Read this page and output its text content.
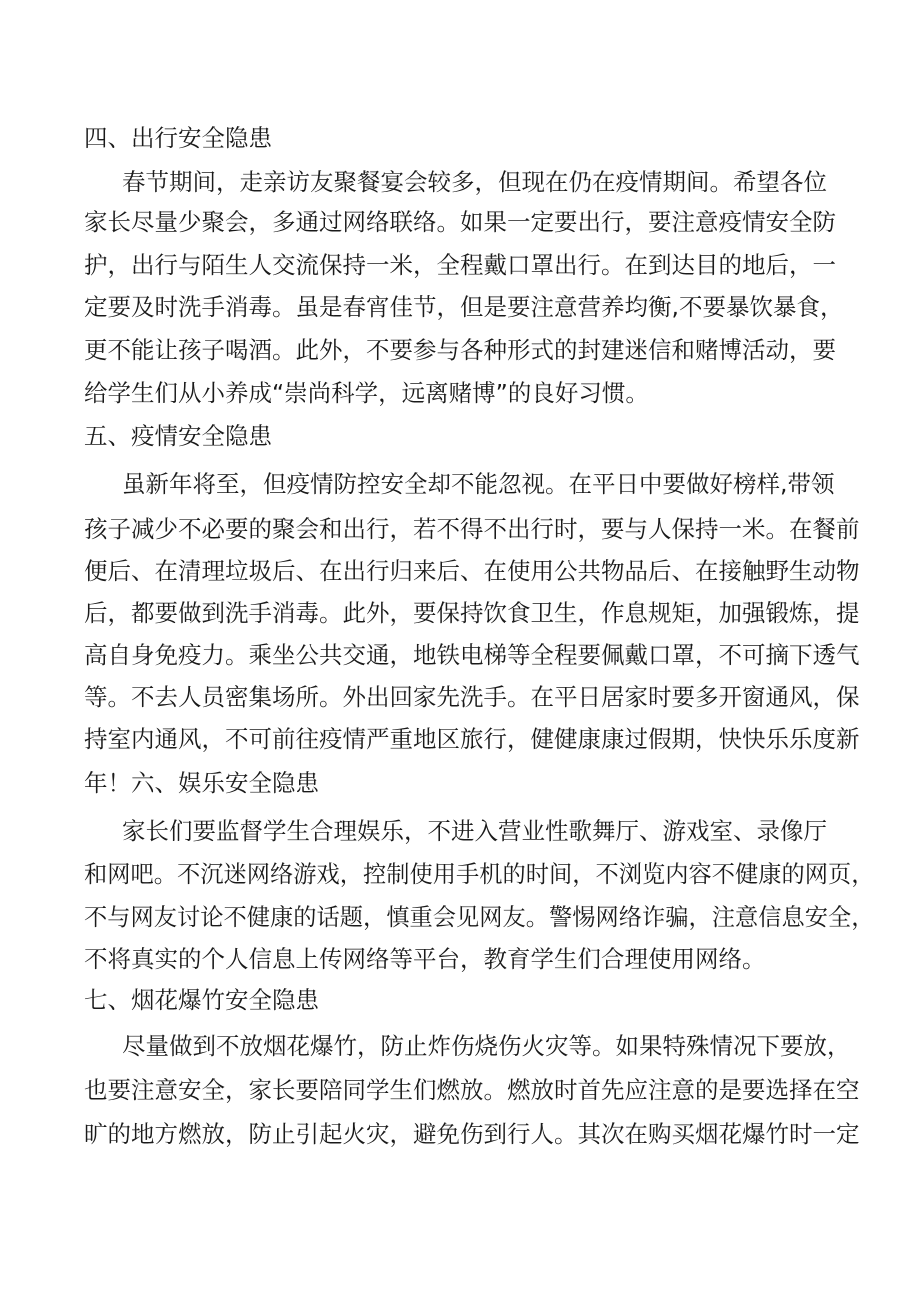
四、出行安全隐患
春节期间，走亲访友聚餐宴会较多，但现在仍在疫情期间。希望各位
家长尽量少聚会，多通过网络联络。如果一定要出行，要注意疫情安全防
护，出行与陌生人交流保持一米，全程戴口罩出行。在到达目的地后，一
定要及时洗手消毒。虽是春宵佳节，但是要注意营养均衡,不要暴饮暴食，
更不能让孩子喝酒。此外，不要参与各种形式的封建迷信和赌博活动，要
给学生们从小养成“崇尚科学，远离赌博”的良好习惯。
五、疫情安全隐患
虽新年将至，但疫情防控安全却不能忽视。在平日中要做好榜样,带领
孩子减少不必要的聚会和出行，若不得不出行时，要与人保持一米。在餐前
便后、在清理垃圾后、在出行归来后、在使用公共物品后、在接触野生动物
后，都要做到洗手消毒。此外，要保持饮食卫生，作息规矩，加强锻炼，提
高自身免疫力。乘坐公共交通，地铁电梯等全程要佩戴口罩，不可摘下透气
等。不去人员密集场所。外出回家先洗手。在平日居家时要多开窗通风，保
持室内通风，不可前往疫情严重地区旅行，健健康康过假期，快快乐乐度新
年！六、娱乐安全隐患
家长们要监督学生合理娱乐，不进入营业性歌舞厅、游戏室、录像厅
和网吧。不沉迷网络游戏，控制使用手机的时间，不浏览内容不健康的网页，
不与网友讨论不健康的话题，慎重会见网友。警惕网络诈骗，注意信息安全，
不将真实的个人信息上传网络等平台，教育学生们合理使用网络。
七、烟花爆竹安全隐患
尽量做到不放烟花爆竹，防止炸伤烧伤火灾等。如果特殊情况下要放，
也要注意安全，家长要陪同学生们燃放。燃放时首先应注意的是要选择在空
旷的地方燃放，防止引起火灾，避免伤到行人。其次在购买烟花爆竹时一定
